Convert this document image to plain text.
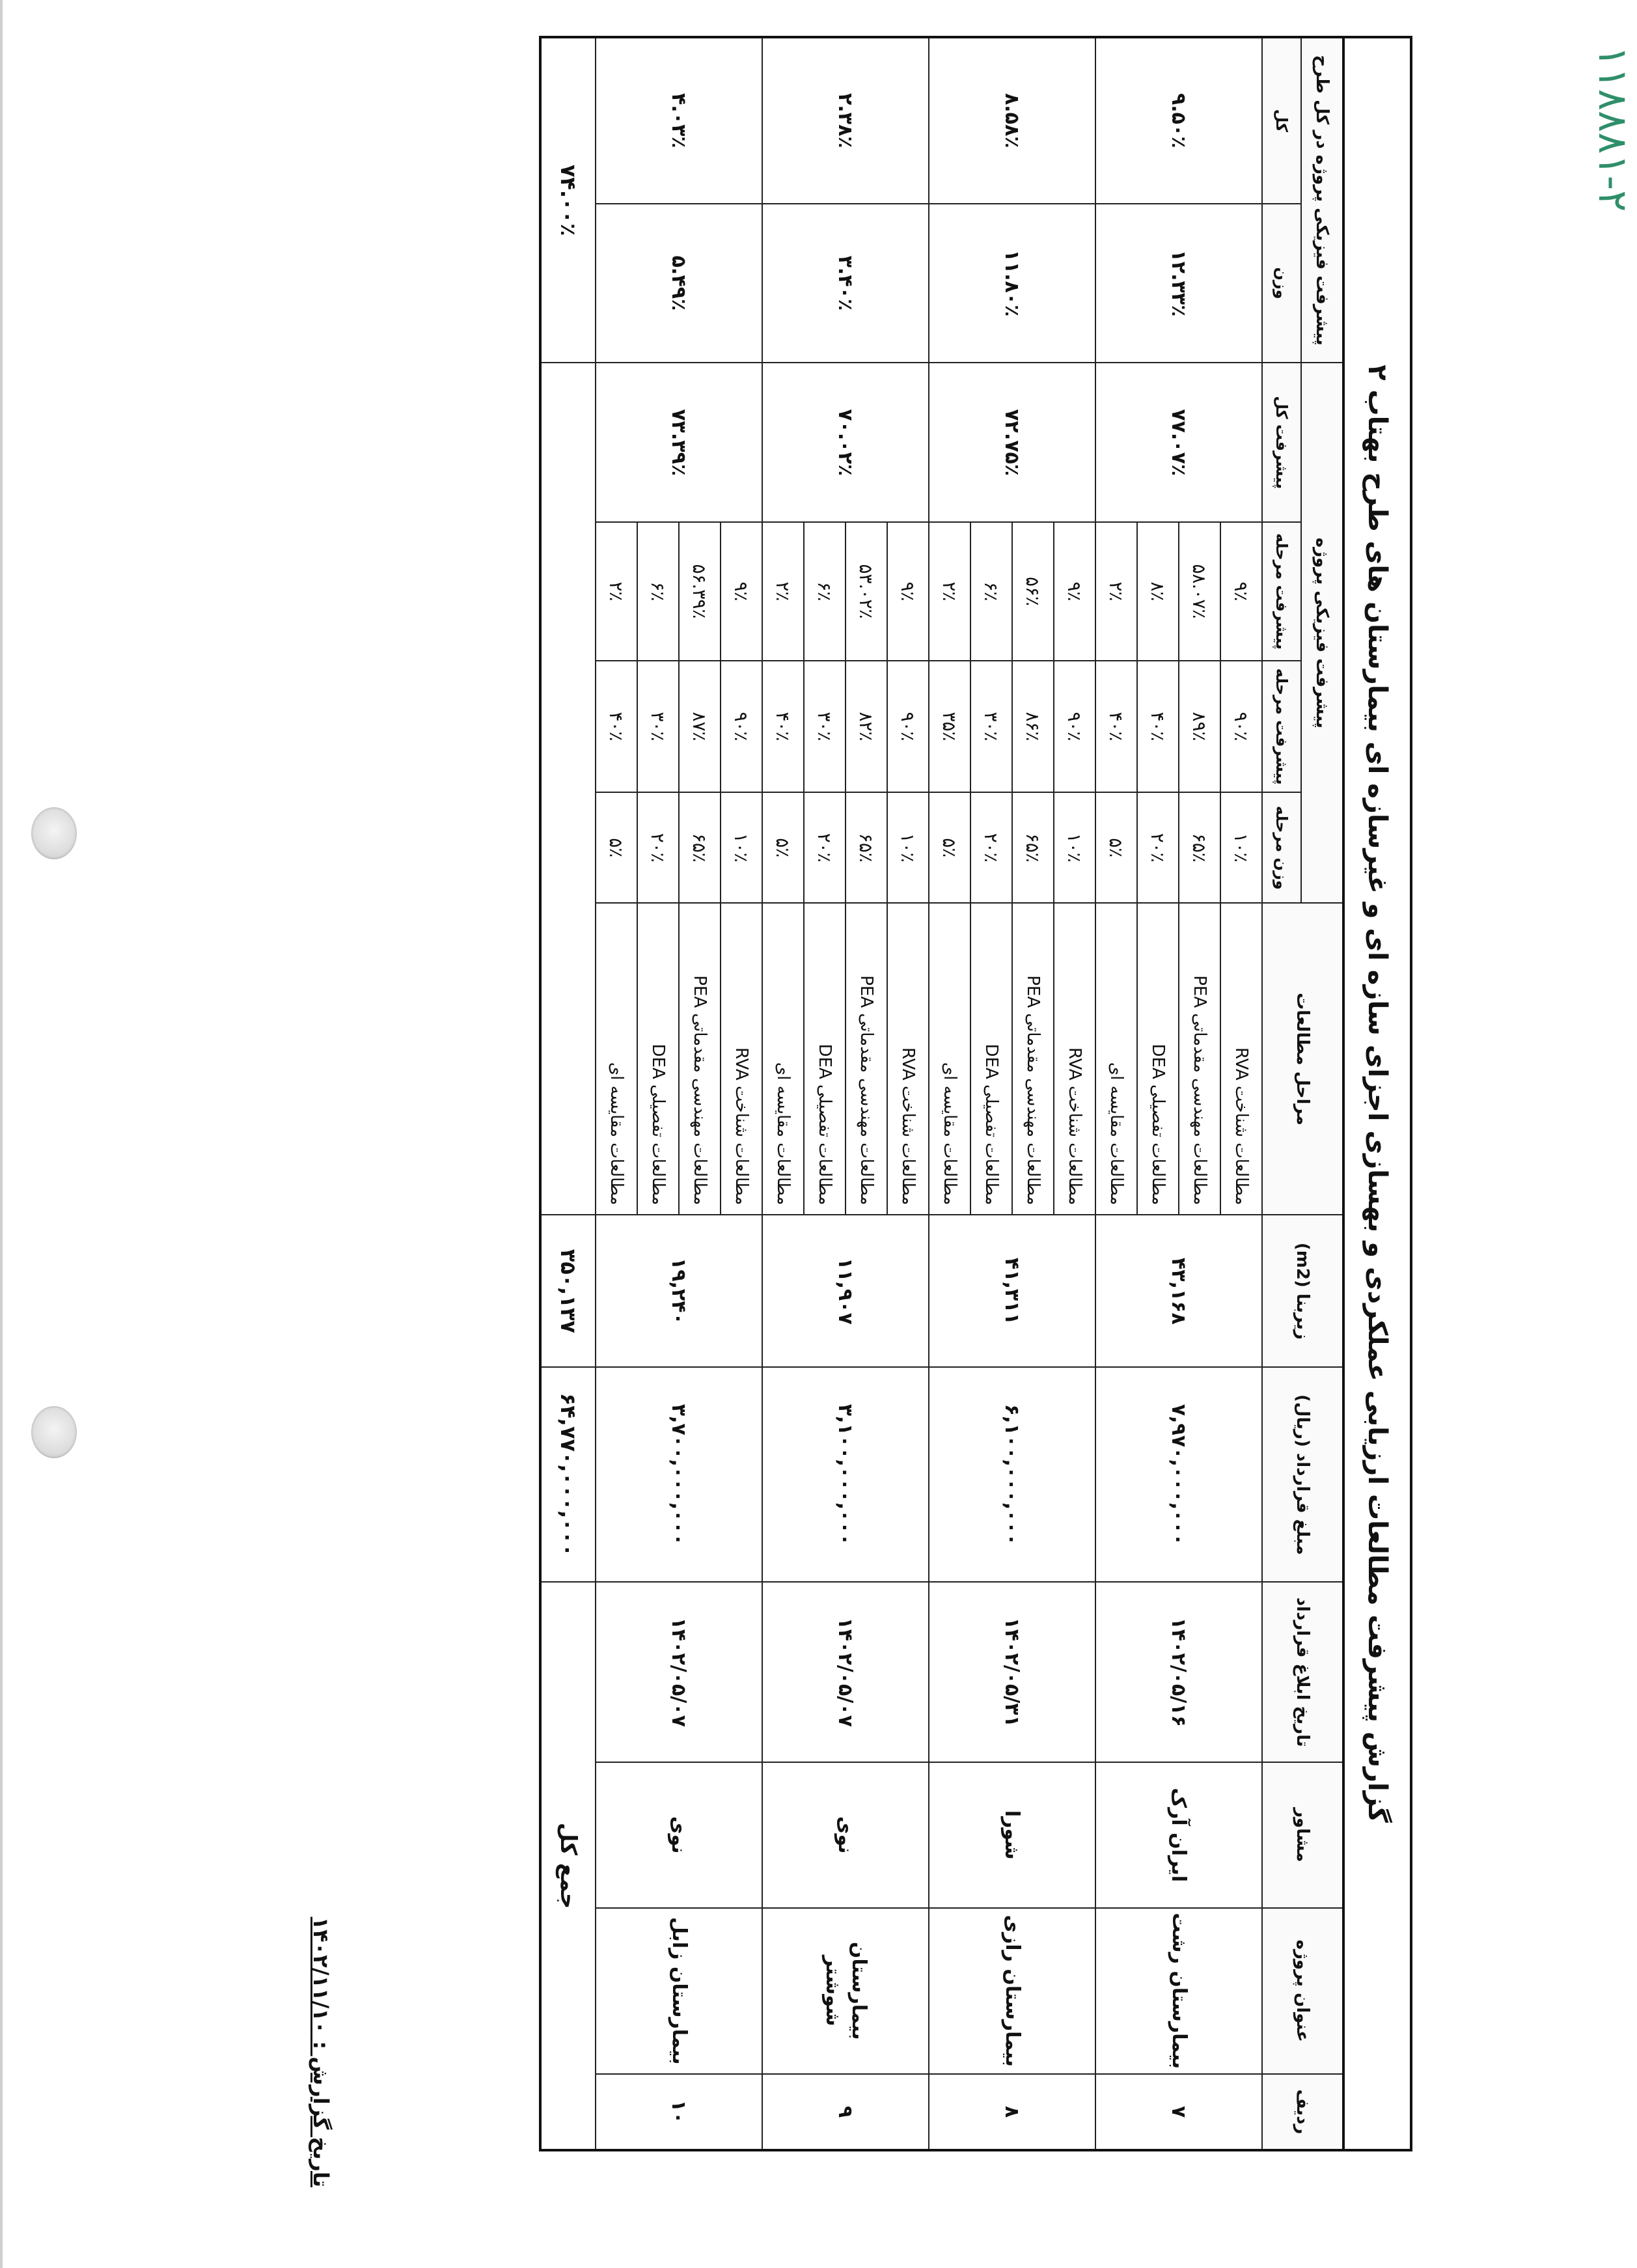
۱۱۸۸۸۱-۲
گزارش پیشرفت مطالعات ارزیابی عملکردی و بهسازی اجزای سازه ای و غیرسازه ای بیمارستان های طرح بهتاب ۲
ردیف	عنوان پروژه	مشاور	تاریخ ابلاغ قرارداد	مبلغ قرارداد (ریال)	زیربنا (m2)	مراحل مطالعات	پیشرفت فیزیکی پروژه				پیشرفت فیزیکی پروژه در کل طرح	
							وزن مرحله	پیشرفت مرحله	پیشرفت مرحله	پیشرفت کل	وزن	کل
۷	بیمارستان رشت	ایران آرک	۱۴۰۲/۰۵/۱۶	۷,۹۷۰,۰۰۰,۰۰۰	۴۳,۱۶۸	مطالعات شناخت RVA	۱۰٪	۹۰٪	۹٪	۷۷.۰۷٪	۱۲.۳۳٪	۹.۵۰٪
						مطالعات مهندسی مقدماتی PEA	۶۵٪	۸۹٪	۵۸.۰۷٪			
						مطالعات تفصیلی DEA	۲۰٪	۴۰٪	۸٪			
						مطالعات مقایسه ای	۵٪	۴۰٪	۲٪			
۸	بیمارستان رازی	شورا	۱۴۰۲/۰۵/۳۱	۶,۱۰۰,۰۰۰,۰۰۰	۴۱,۳۱۱	مطالعات شناخت RVA	۱۰٪	۹۰٪	۹٪	۷۲.۷۵٪	۱۱.۸۰٪	۸.۵۸٪
						مطالعات مهندسی مقدماتی PEA	۶۵٪	۸۶٪	۵۶٪			
						مطالعات تفصیلی DEA	۲۰٪	۳۰٪	۶٪			
						مطالعات مقایسه ای	۵٪	۳۵٪	۲٪			
۹	بیمارستان شوشتر	نوی	۱۴۰۲/۰۵/۰۷	۳,۱۰۰,۰۰۰,۰۰۰	۱۱,۹۰۷	مطالعات شناخت RVA	۱۰٪	۹۰٪	۹٪	۷۰.۰۲٪	۳.۴۰٪	۲.۳۸٪
						مطالعات مهندسی مقدماتی PEA	۶۵٪	۸۲٪	۵۳.۰۲٪			
						مطالعات تفصیلی DEA	۲۰٪	۳۰٪	۶٪			
						مطالعات مقایسه ای	۵٪	۴۰٪	۲٪			
۱۰	بیمارستان زابل	نوی	۱۴۰۲/۰۵/۰۷	۳,۷۰۰,۰۰۰,۰۰۰	۱۹,۲۴۰	مطالعات شناخت RVA	۱۰٪	۹۰٪	۹٪	۷۳.۳۹٪	۵.۴۹٪	۴.۰۳٪
						مطالعات مهندسی مقدماتی PEA	۶۵٪	۸۷٪	۵۶.۳۹٪			
						مطالعات تفصیلی DEA	۲۰٪	۳۰٪	۶٪			
						مطالعات مقایسه ای	۵٪	۴۰٪	۲٪			
جمع کل				۶۴,۷۷۰,۰۰۰,۰۰۰	۳۵۰,۱۳۷						۷۴.۰۰٪	
تاریخ گزارش : ۱۴۰۲/۱۱/۱۰
